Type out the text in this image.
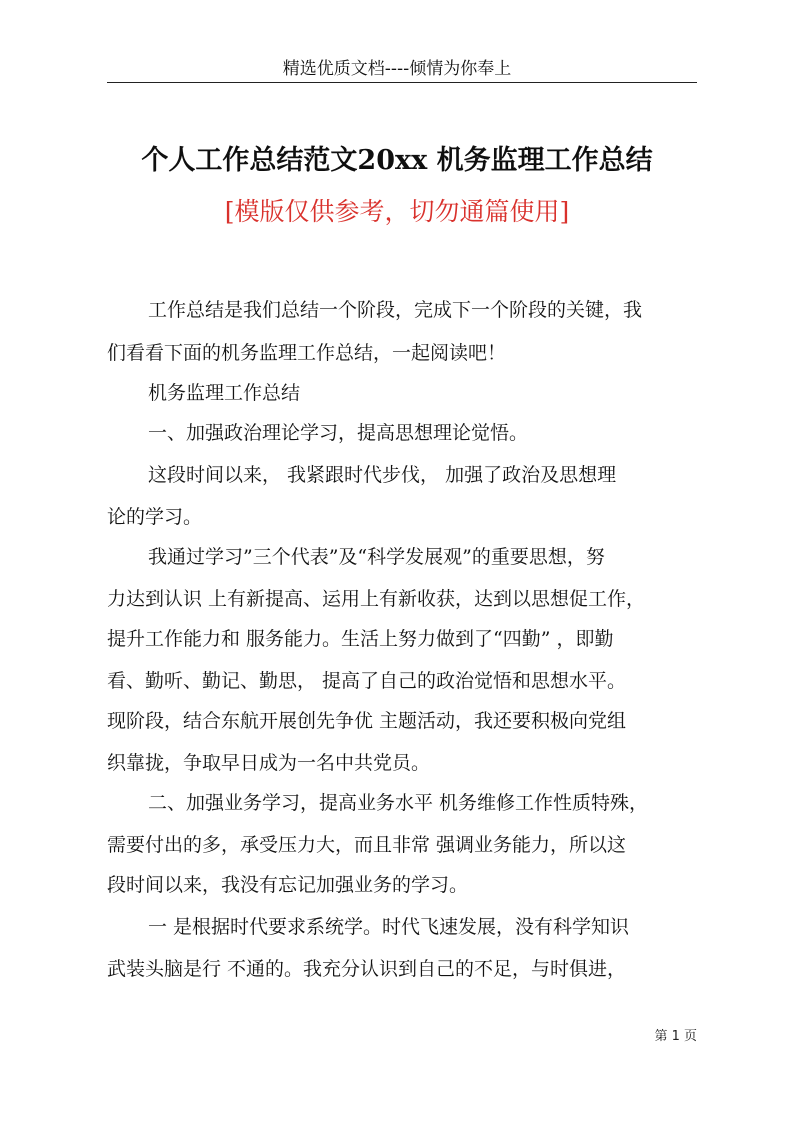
精选优质文档----倾情为你奉上
个人工作总结范文20xx 机务监理工作总结
[模版仅供参考，切勿通篇使用]

工作总结是我们总结一个阶段，完成下一个阶段的关键，我

们看看下面的机务监理工作总结，一起阅读吧！

机务监理工作总结

一、加强政治理论学习，提高思想理论觉悟。

这段时间以来， 我紧跟时代步伐， 加强了政治及思想理

论的学习。

我通过学习”三个代表”及“科学发展观”的重要思想，努

力达到认识 上有新提高、运用上有新收获，达到以思想促工作，

提升工作能力和 服务能力。生活上努力做到了“四勤” ，即勤

看、勤听、勤记、勤思， 提高了自己的政治觉悟和思想水平。

现阶段，结合东航开展创先争优 主题活动，我还要积极向党组

织靠拢，争取早日成为一名中共党员。

二、加强业务学习，提高业务水平 机务维修工作性质特殊，

需要付出的多，承受压力大，而且非常 强调业务能力，所以这

段时间以来，我没有忘记加强业务的学习。

一 是根据时代要求系统学。时代飞速发展，没有科学知识

武装头脑是行 不通的。我充分认识到自己的不足，与时俱进，

第 1 页
